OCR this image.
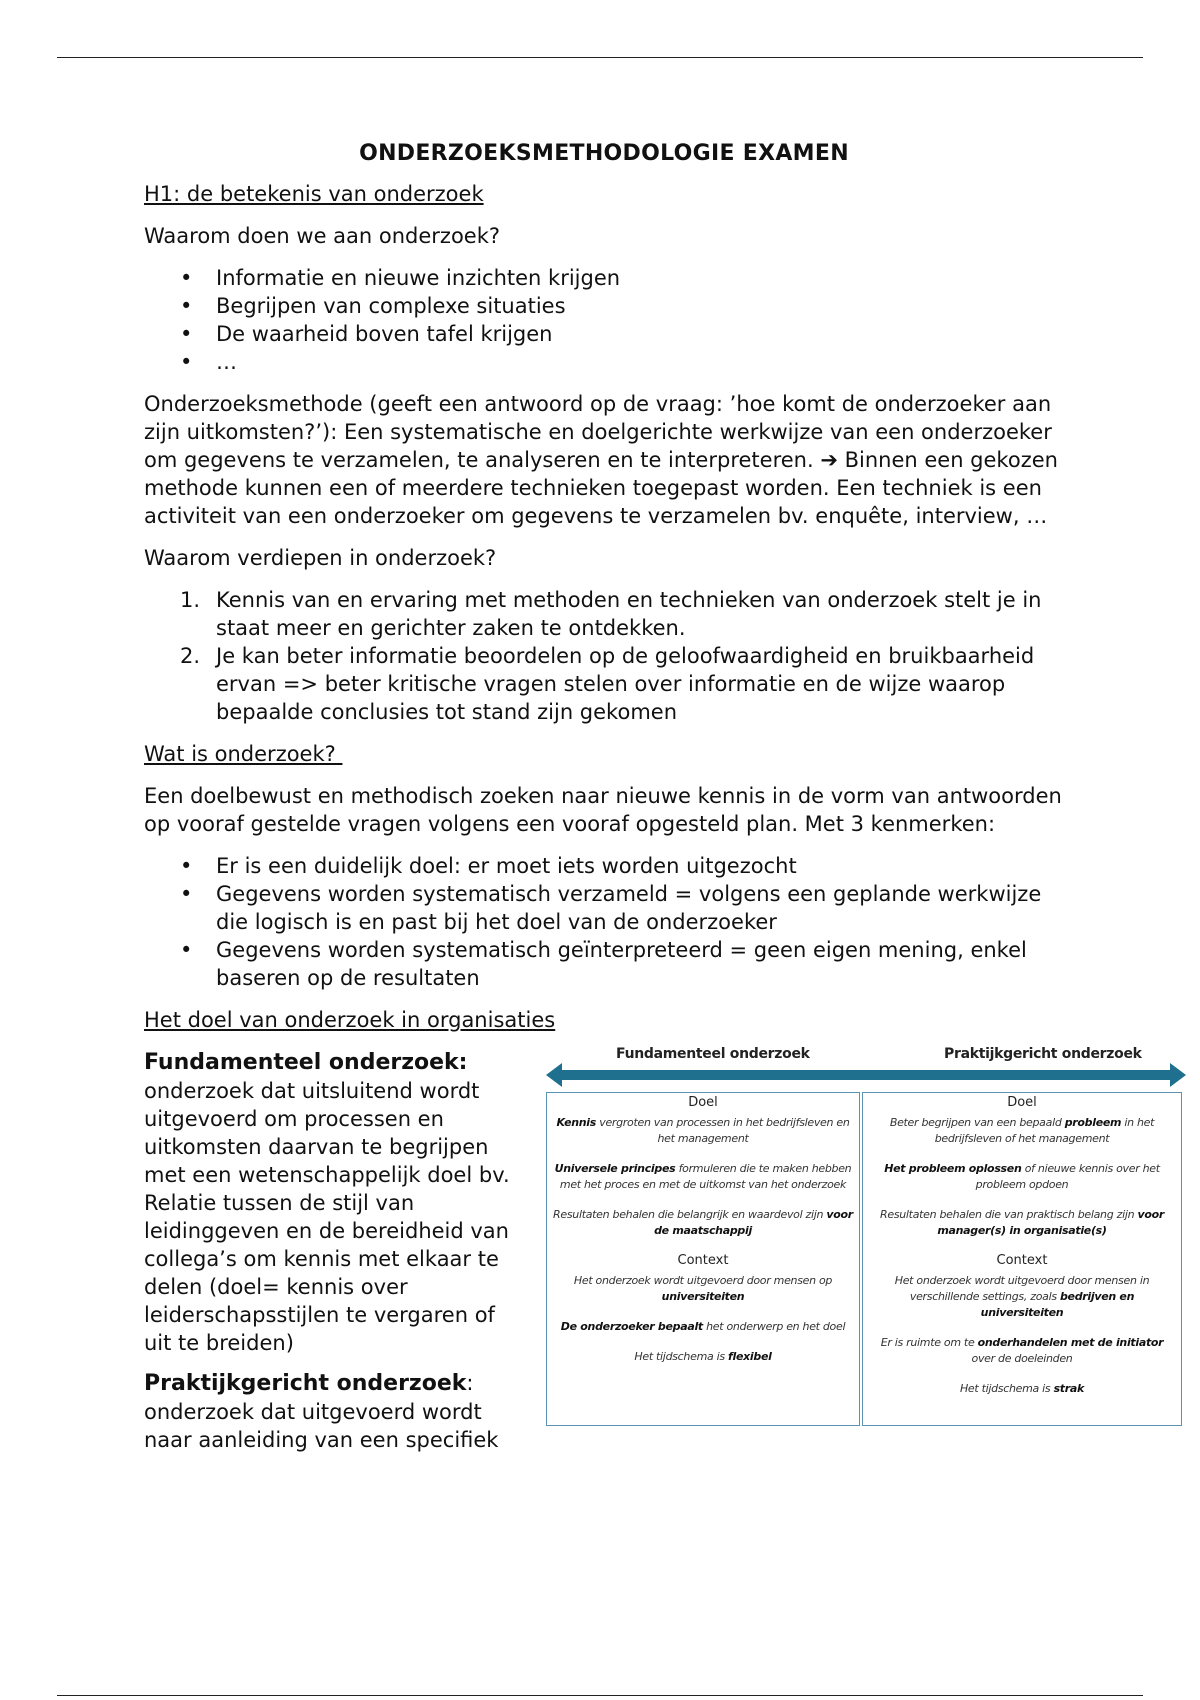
ONDERZOEKSMETHODOLOGIE EXAMEN
H1: de betekenis van onderzoek

Waarom doen we aan onderzoek?

• Informatie en nieuwe inzichten krijgen
• Begrijpen van complexe situaties
• De waarheid boven tafel krijgen
• …

Onderzoeksmethode (geeft een antwoord op de vraag: ’hoe komt de onderzoeker aan zijn uitkomsten?’): Een systematische en doelgerichte werkwijze van een onderzoeker om gegevens te verzamelen, te analyseren en te interpreteren. ➔ Binnen een gekozen methode kunnen een of meerdere technieken toegepast worden. Een techniek is een activiteit van een onderzoeker om gegevens te verzamelen bv. enquête, interview, …

Waarom verdiepen in onderzoek?

1. Kennis van en ervaring met methoden en technieken van onderzoek stelt je in staat meer en gerichter zaken te ontdekken.
2. Je kan beter informatie beoordelen op de geloofwaardigheid en bruikbaarheid ervan => beter kritische vragen stelen over informatie en de wijze waarop bepaalde conclusies tot stand zijn gekomen
Wat is onderzoek?

Een doelbewust en methodisch zoeken naar nieuwe kennis in de vorm van antwoorden op vooraf gestelde vragen volgens een vooraf opgesteld plan. Met 3 kenmerken:

• Er is een duidelijk doel: er moet iets worden uitgezocht
• Gegevens worden systematisch verzameld = volgens een geplande werkwijze die logisch is en past bij het doel van de onderzoeker
• Gegevens worden systematisch geïnterpreteerd = geen eigen mening, enkel baseren op de resultaten
Het doel van onderzoek in organisaties

Fundamenteel onderzoek:
onderzoek dat uitsluitend wordt uitgevoerd om processen en uitkomsten daarvan te begrijpen met een wetenschappelijk doel bv. Relatie tussen de stijl van leidinggeven en de bereidheid van collega’s om kennis met elkaar te delen (doel= kennis over leiderschapsstijlen te vergaren of uit te breiden)

Praktijkgericht onderzoek:
onderzoek dat uitgevoerd wordt naar aanleiding van een specifiek

Fundamenteel onderzoek	Praktijkgericht onderzoek
Doel
Kennis vergroten van processen in het bedrijfsleven en het management
Universele principes formuleren die te maken hebben met het proces en met de uitkomst van het onderzoek
Resultaten behalen die belangrijk en waardevol zijn voor de maatschappij
Context
Het onderzoek wordt uitgevoerd door mensen op universiteiten
De onderzoeker bepaalt het onderwerp en het doel
Het tijdschema is flexibel
Doel
Beter begrijpen van een bepaald probleem in het bedrijfsleven of het management
Het probleem oplossen of nieuwe kennis over het probleem opdoen
Resultaten behalen die van praktisch belang zijn voor manager(s) in organisatie(s)
Context
Het onderzoek wordt uitgevoerd door mensen in verschillende settings, zoals bedrijven en universiteiten
Er is ruimte om te onderhandelen met de initiator over de doeleinden
Het tijdschema is strak
